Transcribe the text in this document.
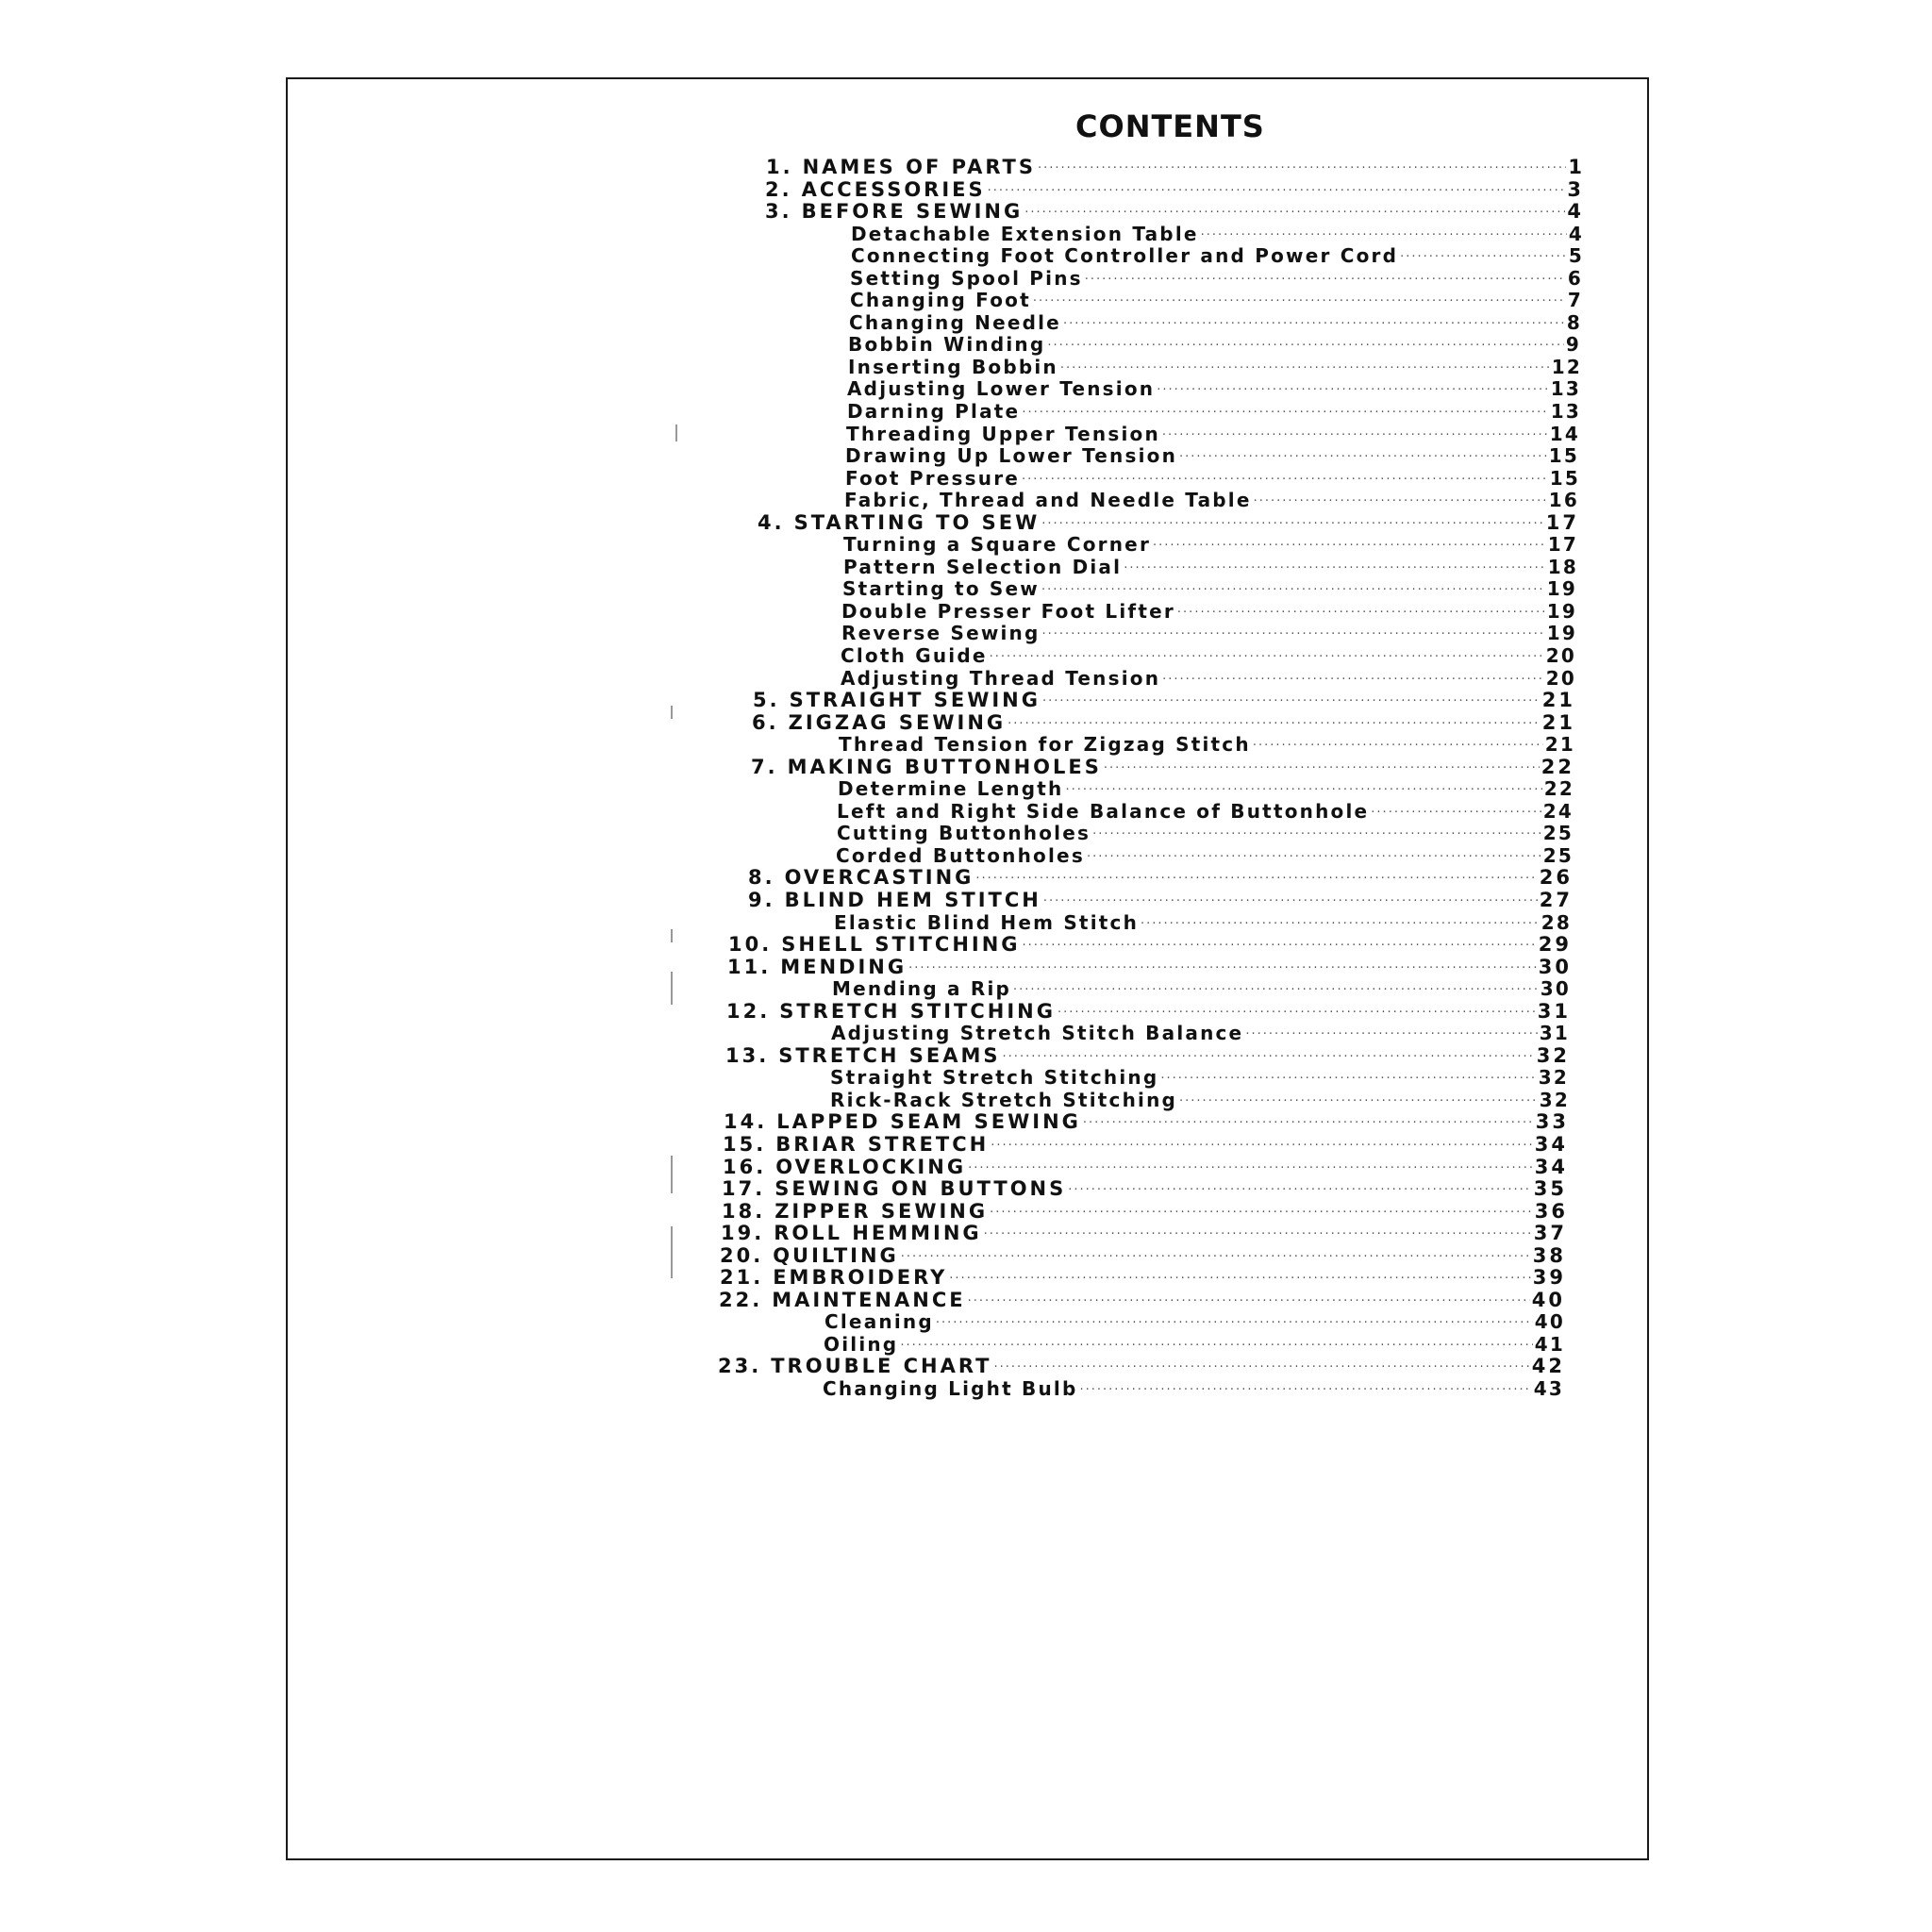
CONTENTS
1. NAMES OF PARTS ·····	1
2. ACCESSORIES ·····	3
3. BEFORE SEWING ·····	4
Detachable Extension Table ·····	4
Connecting Foot Controller and Power Cord ·····	5
Setting Spool Pins ·····	6
Changing Foot ·····	7
Changing Needle ·····	8
Bobbin Winding ·····	9
Inserting Bobbin ·····	12
Adjusting Lower Tension ·····	13
Darning Plate ·····	13
Threading Upper Tension ·····	14
Drawing Up Lower Tension ·····	15
Foot Pressure ·····	15
Fabric, Thread and Needle Table ·····	16
4. STARTING TO SEW ·····	17
Turning a Square Corner ·····	17
Pattern Selection Dial ·····	18
Starting to Sew ·····	19
Double Presser Foot Lifter ·····	19
Reverse Sewing ·····	19
Cloth Guide ·····	20
Adjusting Thread Tension ·····	20
5. STRAIGHT SEWING ·····	21
6. ZIGZAG SEWING ·····	21
Thread Tension for Zigzag Stitch ·····	21
7. MAKING BUTTONHOLES ·····	22
Determine Length ·····	22
Left and Right Side Balance of Buttonhole ·····	24
Cutting Buttonholes ·····	25
Corded Buttonholes ·····	25
8. OVERCASTING ·····	26
9. BLIND HEM STITCH ·····	27
Elastic Blind Hem Stitch ·····	28
10. SHELL STITCHING ·····	29
11. MENDING ·····	30
Mending a Rip ·····	30
12. STRETCH STITCHING ·····	31
Adjusting Stretch Stitch Balance ·····	31
13. STRETCH SEAMS ·····	32
Straight Stretch Stitching ·····	32
Rick-Rack Stretch Stitching ·····	32
14. LAPPED SEAM SEWING ·····	33
15. BRIAR STRETCH ·····	34
16. OVERLOCKING ·····	34
17. SEWING ON BUTTONS ·····	35
18. ZIPPER SEWING ·····	36
19. ROLL HEMMING ·····	37
20. QUILTING ·····	38
21. EMBROIDERY ·····	39
22. MAINTENANCE ·····	40
Cleaning ·····	40
Oiling ·····	41
23. TROUBLE CHART ·····	42
Changing Light Bulb ·····	43
